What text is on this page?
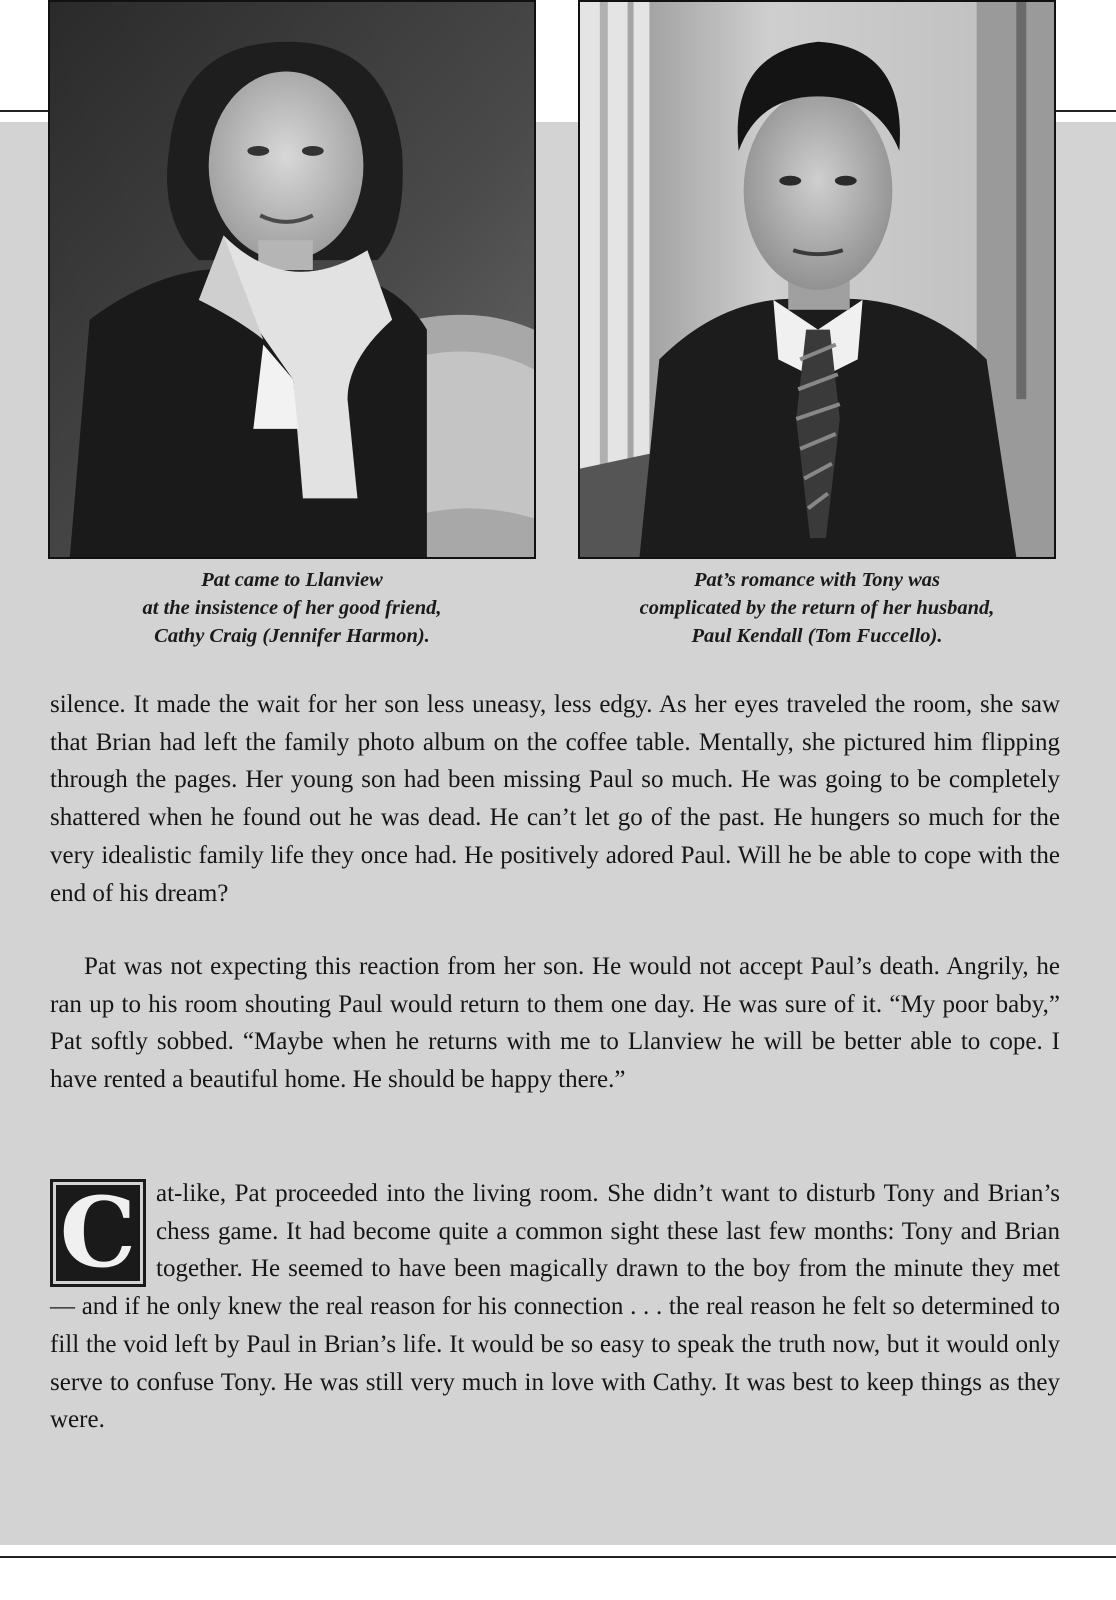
Pat came to Llanview
at the insistence of her good friend,
Cathy Craig (Jennifer Harmon).
Pat’s romance with Tony was
complicated by the return of her husband,
Paul Kendall (Tom Fuccello).

silence. It made the wait for her son less uneasy, less edgy. As her eyes traveled the room, she saw that Brian had left the family photo album on the coffee table. Mentally, she pictured him flipping through the pages. Her young son had been missing Paul so much. He was going to be completely shattered when he found out he was dead. He can’t let go of the past. He hungers so much for the very idealistic family life they once had. He positively adored Paul. Will he be able to cope with the end of his dream?

Pat was not expecting this reaction from her son. He would not accept Paul’s death. Angrily, he ran up to his room shouting Paul would return to them one day. He was sure of it. “My poor baby,” Pat softly sobbed. “Maybe when he returns with me to Llanview he will be better able to cope. I have rented a beautiful home. He should be happy there.”

C at-like, Pat proceeded into the living room. She didn’t want to disturb Tony and Brian’s chess game. It had become quite a common sight these last few months: Tony and Brian together. He seemed to have been magically drawn to the boy from the minute they met — and if he only knew the real reason for his connection . . . the real reason he felt so determined to fill the void left by Paul in Brian’s life. It would be so easy to speak the truth now, but it would only serve to confuse Tony. He was still very much in love with Cathy. It was best to keep things as they were.
